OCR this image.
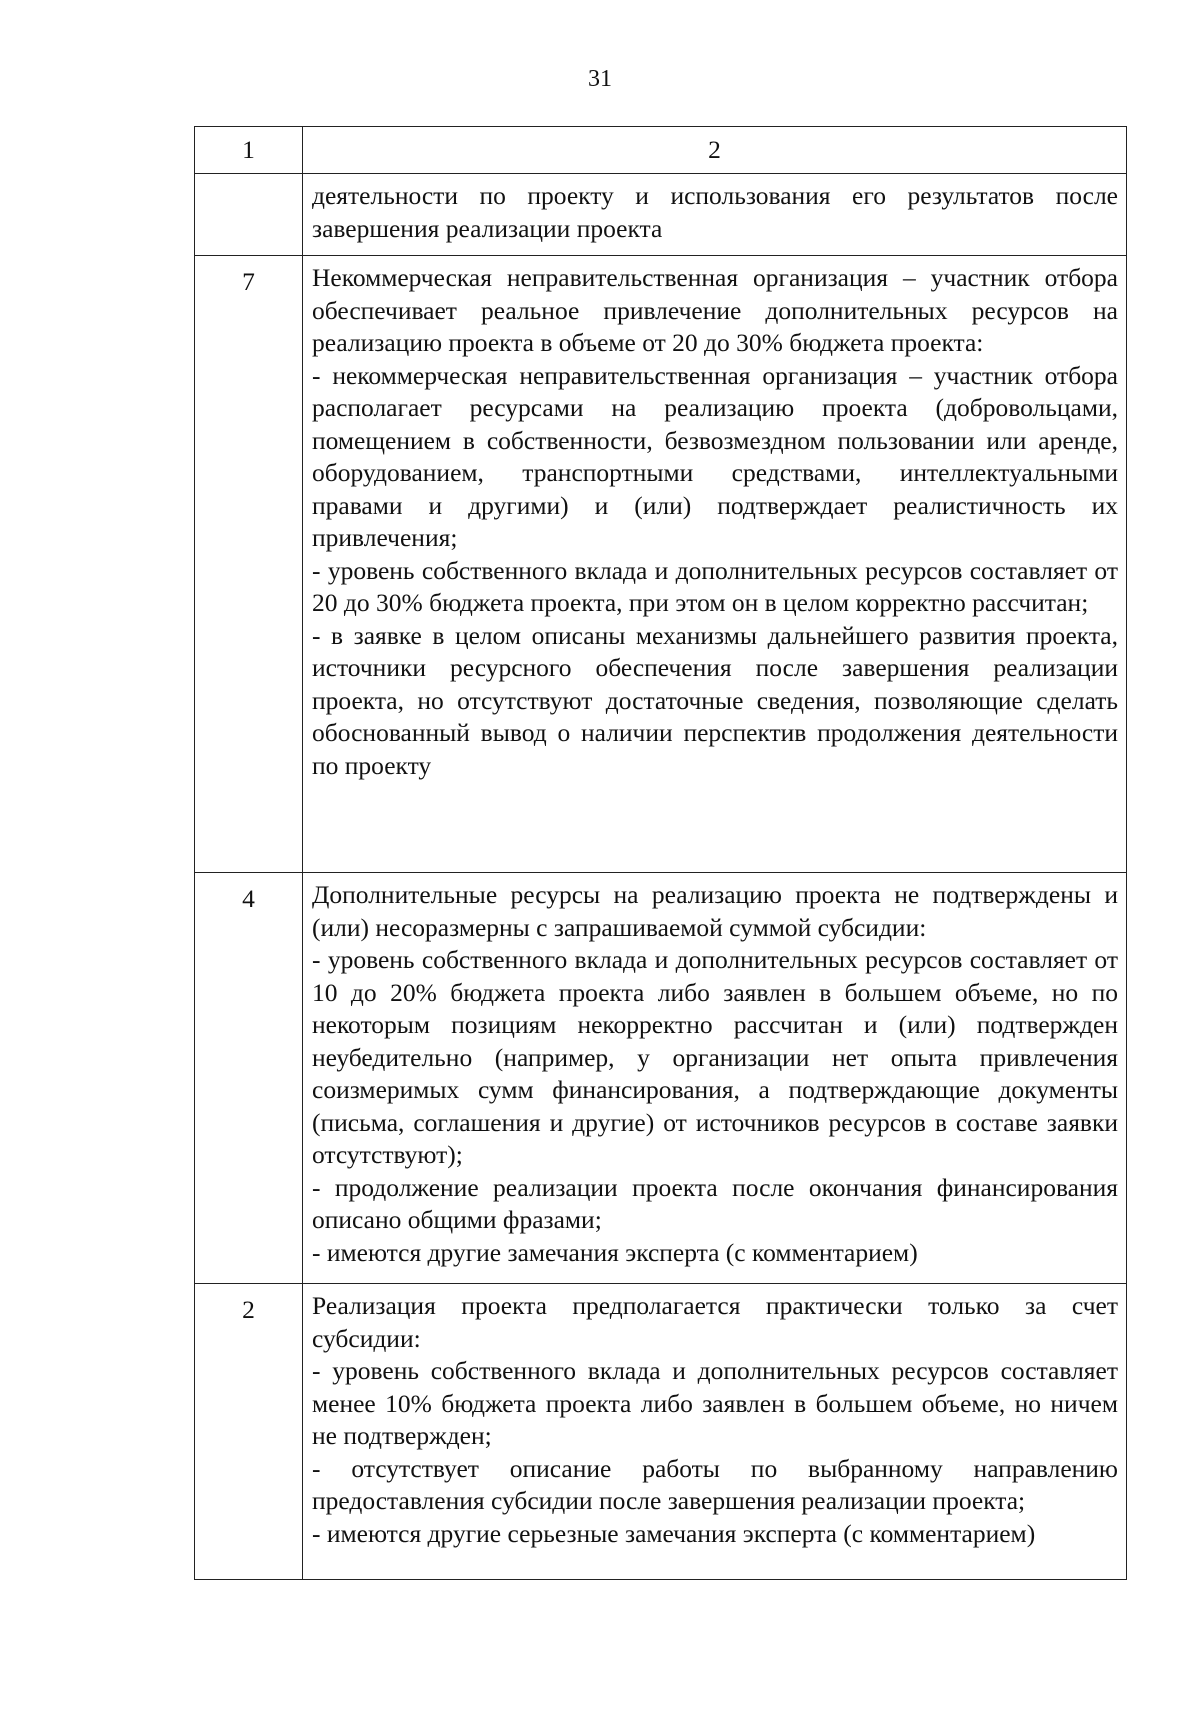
31
1	2

	деятельности по проекту и использования его результатов после завершения реализации проекта

7	Некоммерческая неправительственная организация – участник отбора обеспечивает реальное привлечение дополнительных ресурсов на реализацию проекта в объеме от 20 до 30% бюджета проекта:
- некоммерческая неправительственная организация – участник отбора располагает ресурсами на реализацию проекта (добровольцами, помещением в собственности, безвозмездном пользовании или аренде, оборудованием, транспортными средствами, интеллектуальными правами и другими) и (или) подтверждает реалистичность их привлечения;
- уровень собственного вклада и дополнительных ресурсов составляет от 20 до 30% бюджета проекта, при этом он в целом корректно рассчитан;
- в заявке в целом описаны механизмы дальнейшего развития проекта, источники ресурсного обеспечения после завершения реализации проекта, но отсутствуют достаточные сведения, позволяющие сделать обоснованный вывод о наличии перспектив продолжения деятельности по проекту

4	Дополнительные ресурсы на реализацию проекта не подтверждены и (или) несоразмерны с запрашиваемой суммой субсидии:
- уровень собственного вклада и дополнительных ресурсов составляет от 10 до 20% бюджета проекта либо заявлен в большем объеме, но по некоторым позициям некорректно рассчитан и (или) подтвержден неубедительно (например, у организации нет опыта привлечения соизмеримых сумм финансирования, а подтверждающие документы (письма, соглашения и другие) от источников ресурсов в составе заявки отсутствуют);
- продолжение реализации проекта после окончания финансирования описано общими фразами;
- имеются другие замечания эксперта (с комментарием)

2	Реализация проекта предполагается практически только за счет субсидии:
- уровень собственного вклада и дополнительных ресурсов составляет менее 10% бюджета проекта либо заявлен в большем объеме, но ничем не подтвержден;
- отсутствует описание работы по выбранному направлению предоставления субсидии после завершения реализации проекта;
- имеются другие серьезные замечания эксперта (с комментарием)
